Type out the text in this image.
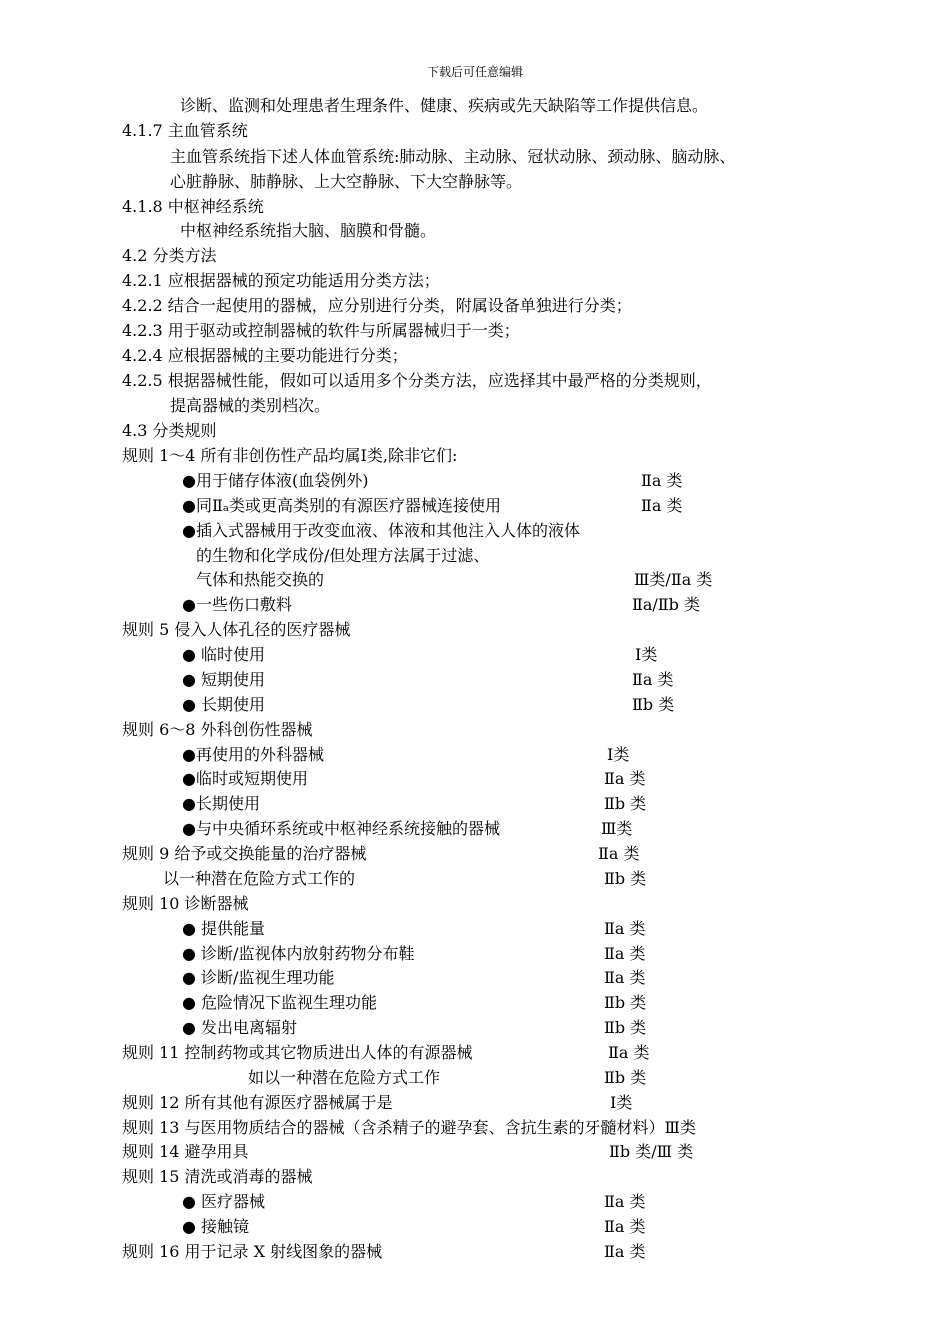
下载后可任意编辑
诊断、监测和处理患者生理条件、健康、疾病或先天缺陷等工作提供信息。
4.1.7 主血管系统
主血管系统指下述人体血管系统:肺动脉、主动脉、冠状动脉、颈动脉、脑动脉、
心脏静脉、肺静脉、上大空静脉、下大空静脉等。
4.1.8 中枢神经系统
中枢神经系统指大脑、脑膜和骨髓。
4.2 分类方法
4.2.1 应根据器械的预定功能适用分类方法；
4.2.2 结合一起使用的器械，应分别进行分类，附属设备单独进行分类；
4.2.3 用于驱动或控制器械的软件与所属器械归于一类；
4.2.4 应根据器械的主要功能进行分类；
4.2.5 根据器械性能，假如可以适用多个分类方法，应选择其中最严格的分类规则，
提高器械的类别档次。
4.3 分类规则
规则 1～4 所有非创伤性产品均属Ⅰ类,除非它们:
●用于储存体液(血袋例外)	Ⅱa 类
●同Ⅱₐ类或更高类别的有源医疗器械连接使用	Ⅱa 类
●插入式器械用于改变血液、体液和其他注入人体的液体
的生物和化学成份/但处理方法属于过滤、
气体和热能交换的	Ⅲ类/Ⅱa 类
●一些伤口敷料	Ⅱa/Ⅱb 类
规则 5 侵入人体孔径的医疗器械
● 临时使用	Ⅰ类
● 短期使用	Ⅱa 类
● 长期使用	Ⅱb 类
规则 6～8 外科创伤性器械
●再使用的外科器械	Ⅰ类
●临时或短期使用	Ⅱa 类
●长期使用	Ⅱb 类
●与中央循环系统或中枢神经系统接触的器械	Ⅲ类
规则 9 给予或交换能量的治疗器械	Ⅱa 类
以一种潜在危险方式工作的	Ⅱb 类
规则 10 诊断器械
● 提供能量	Ⅱa 类
● 诊断/监视体内放射药物分布鞋	Ⅱa 类
● 诊断/监视生理功能	Ⅱa 类
● 危险情况下监视生理功能	Ⅱb 类
● 发出电离辐射	Ⅱb 类
规则 11 控制药物或其它物质进出人体的有源器械	Ⅱa 类
如以一种潜在危险方式工作	Ⅱb 类
规则 12 所有其他有源医疗器械属于是	Ⅰ类
规则 13 与医用物质结合的器械（含杀精子的避孕套、含抗生素的牙髓材料）Ⅲ类
规则 14 避孕用具	Ⅱb 类/Ⅲ 类
规则 15 清洗或消毒的器械
● 医疗器械	Ⅱa 类
● 接触镜	Ⅱa 类
规则 16 用于记录 X 射线图象的器械	Ⅱa 类
